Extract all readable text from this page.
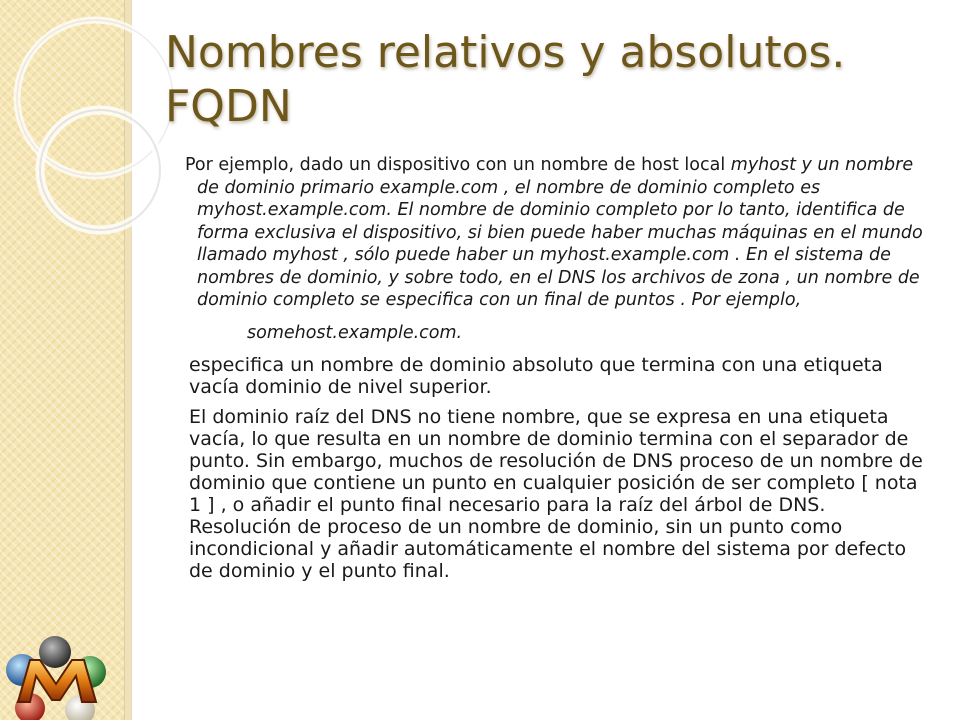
Nombres relativos y absolutos. FQDN

Por ejemplo, dado un dispositivo con un nombre de host local myhost y un nombre de dominio primario example.com , el nombre de dominio completo es myhost.example.com. El nombre de dominio completo por lo tanto, identifica de forma exclusiva el dispositivo, si bien puede haber muchas máquinas en el mundo llamado myhost , sólo puede haber un myhost.example.com . En el sistema de nombres de dominio, y sobre todo, en el DNS los archivos de zona , un nombre de dominio completo se especifica con un final de puntos . Por ejemplo,

somehost.example.com.

especifica un nombre de dominio absoluto que termina con una etiqueta vacía dominio de nivel superior.

El dominio raíz del DNS no tiene nombre, que se expresa en una etiqueta vacía, lo que resulta en un nombre de dominio termina con el separador de punto. Sin embargo, muchos de resolución de DNS proceso de un nombre de dominio que contiene un punto en cualquier posición de ser completo [ nota 1 ] , o añadir el punto final necesario para la raíz del árbol de DNS. Resolución de proceso de un nombre de dominio, sin un punto como incondicional y añadir automáticamente el nombre del sistema por defecto de dominio y el punto final.
